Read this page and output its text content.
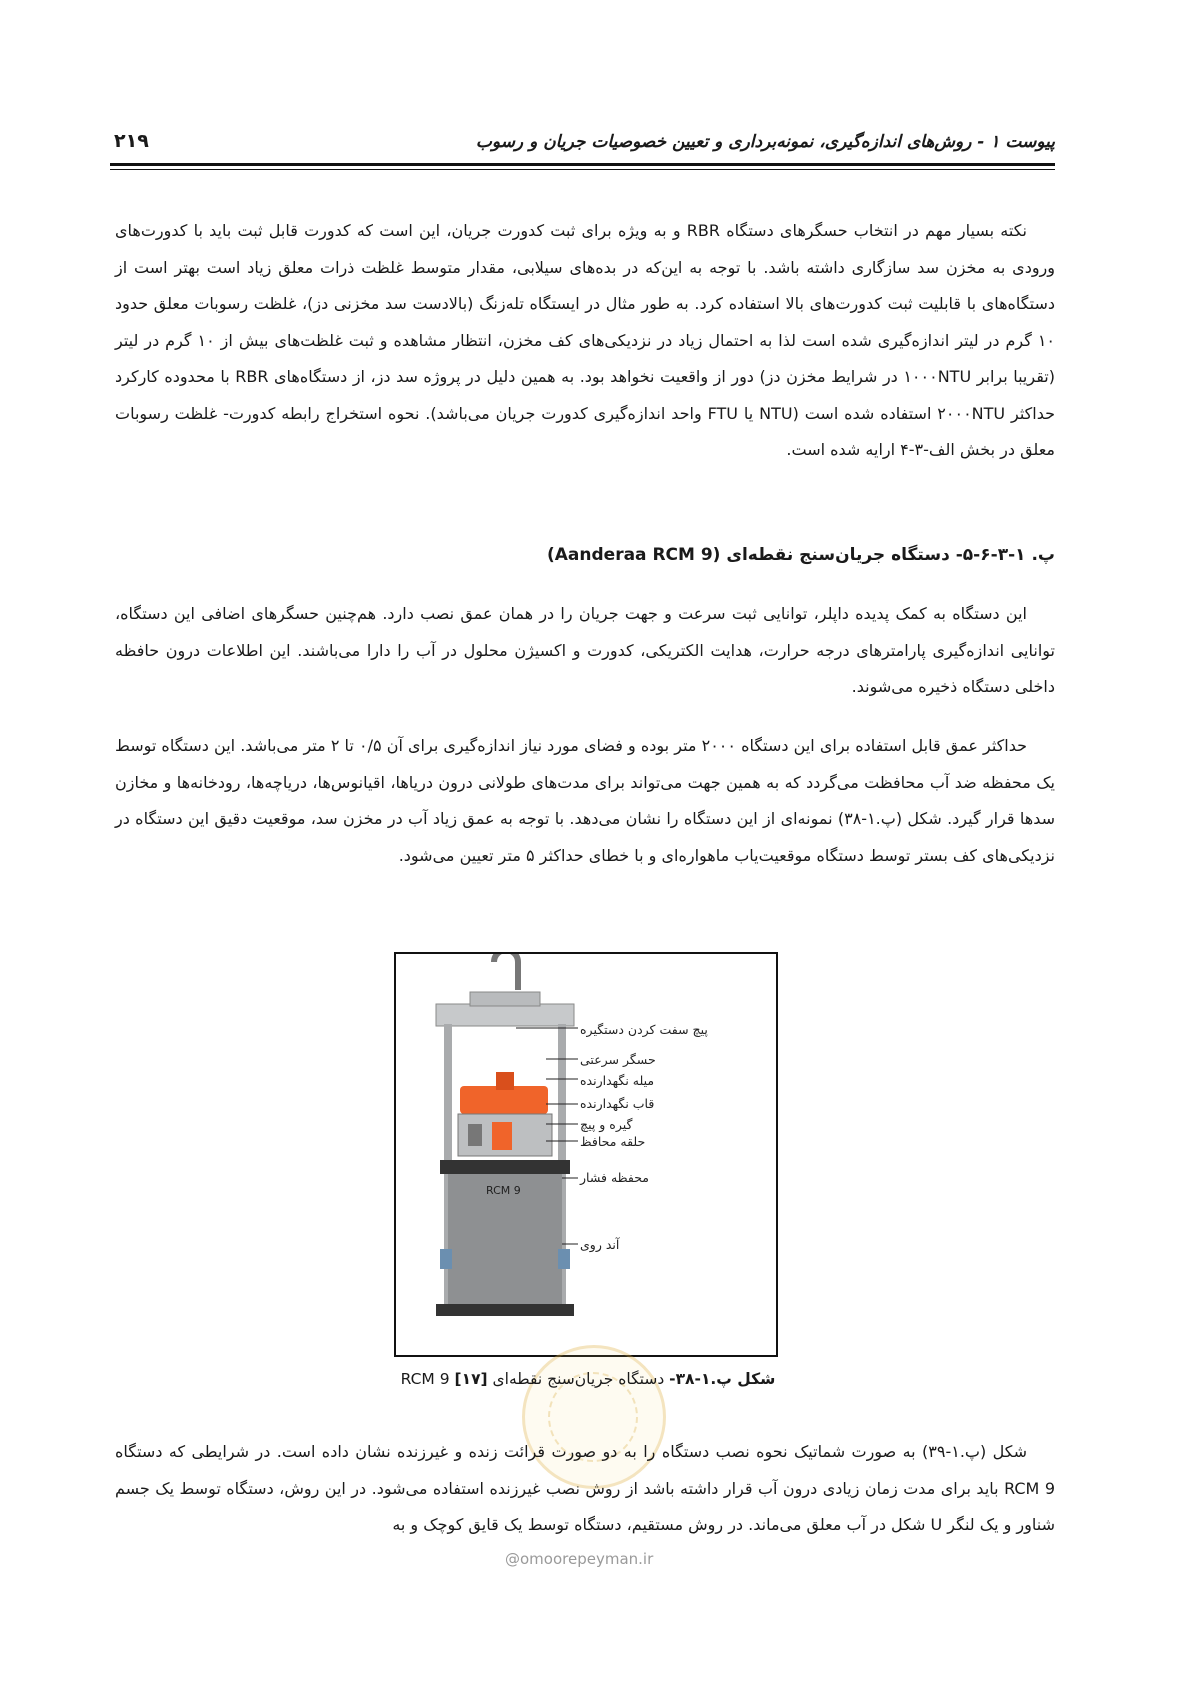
پیوست ۱ - روش‌های اندازه‌گیری، نمونه‌برداری و تعیین خصوصیات جریان و رسوب
۲۱۹

نکته بسیار مهم در انتخاب حسگرهای دستگاه RBR و به ویژه برای ثبت کدورت جریان، این است که کدورت قابل ثبت باید با کدورت‌های ورودی به مخزن سد سازگاری داشته باشد. با توجه به این‌که در بده‌های سیلابی، مقدار متوسط غلظت ذرات معلق زیاد است بهتر است از دستگاه‌های با قابلیت ثبت کدورت‌های بالا استفاده کرد. به طور مثال در ایستگاه تله‌زنگ (بالادست سد مخزنی دز)، غلظت رسوبات معلق حدود ۱۰ گرم در لیتر اندازه‌گیری شده است لذا به احتمال زیاد در نزدیکی‌های کف مخزن، انتظار مشاهده و ثبت غلظت‌های بیش از ۱۰ گرم در لیتر (تقریبا برابر ۱۰۰۰NTU در شرایط مخزن دز) دور از واقعیت نخواهد بود. به همین دلیل در پروژه سد دز، از دستگاه‌های RBR با محدوده کارکرد حداکثر ۲۰۰۰NTU استفاده شده است (NTU یا FTU واحد اندازه‌گیری کدورت جریان می‌باشد). نحوه استخراج رابطه کدورت- غلظت رسوبات معلق در بخش الف-۳-۴ ارایه شده است.

پ. ۱-۳-۶-۵- دستگاه جریان‌سنج نقطه‌ای (Aanderaa RCM 9)

این دستگاه به کمک پدیده داپلر، توانایی ثبت سرعت و جهت جریان را در همان عمق نصب دارد. هم‌چنین حسگرهای اضافی این دستگاه، توانایی اندازه‌گیری پارامترهای درجه حرارت، هدایت الکتریکی، کدورت و اکسیژن محلول در آب را دارا می‌باشند. این اطلاعات درون حافظه داخلی دستگاه ذخیره می‌شوند.

حداکثر عمق قابل استفاده برای این دستگاه ۲۰۰۰ متر بوده و فضای مورد نیاز اندازه‌گیری برای آن ۰/۵ تا ۲ متر می‌باشد. این دستگاه توسط یک محفظه ضد آب محافظت می‌گردد که به همین جهت می‌تواند برای مدت‌های طولانی درون دریاها، اقیانوس‌ها، دریاچه‌ها، رودخانه‌ها و مخازن سدها قرار گیرد. شکل (پ.۱-۳۸) نمونه‌ای از این دستگاه را نشان می‌دهد. با توجه به عمق زیاد آب در مخزن سد، موقعیت دقیق این دستگاه در نزدیکی‌های کف بستر توسط دستگاه موقعیت‌یاب ماهواره‌ای و با خطای حداکثر ۵ متر تعیین می‌شود.

RCM 9
پیچ سفت کردن دستگیره
حسگر سرعتی
میله نگهدارنده
قاب نگهدارنده
گیره و پیچ
حلقه محافظ
محفظه فشار
آند روی
شکل پ.۱-۳۸- دستگاه جریان‌سنج نقطه‌ای RCM 9 [۱۷]

شکل (پ.۱-۳۹) به صورت شماتیک نحوه نصب دستگاه را به دو صورت قرائت زنده و غیرزنده نشان داده است. در شرایطی که دستگاه RCM 9 باید برای مدت زمان زیادی درون آب قرار داشته باشد از روش نصب غیرزنده استفاده می‌شود. در این روش، دستگاه توسط یک جسم شناور و یک لنگر U شکل در آب معلق می‌ماند. در روش مستقیم، دستگاه توسط یک قایق کوچک و به

@omoorepeyman.ir
